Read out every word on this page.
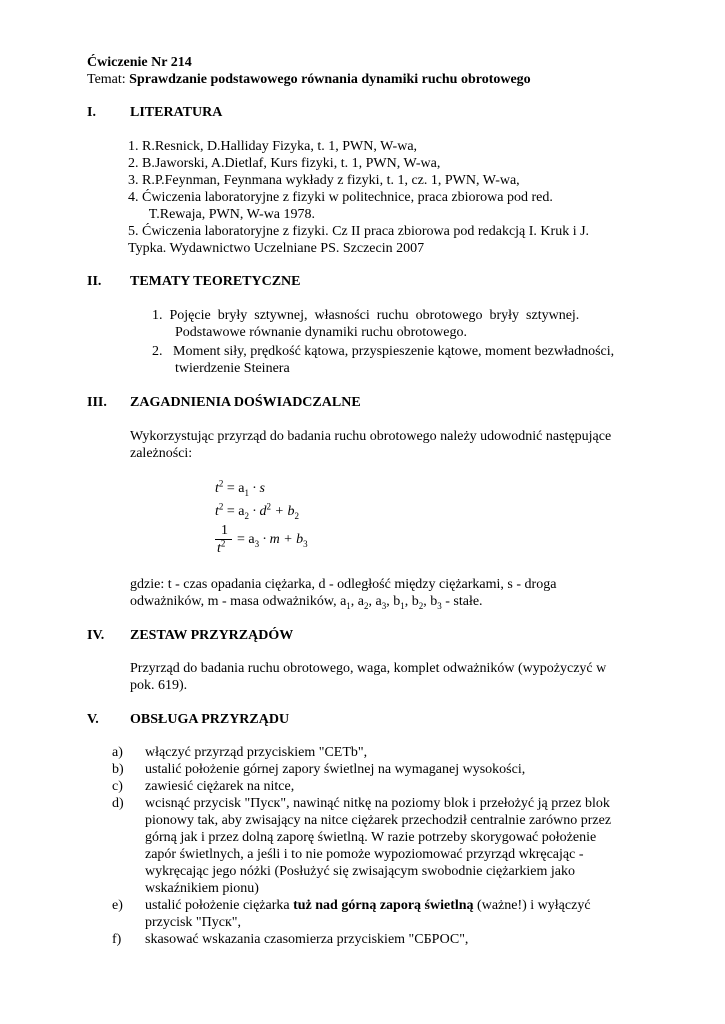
Ćwiczenie Nr 214
Temat: Sprawdzanie podstawowego równania dynamiki ruchu obrotowego
I. LITERATURA
1. R.Resnick, D.Halliday Fizyka, t. 1, PWN, W-wa,
2. B.Jaworski, A.Dietlaf, Kurs fizyki, t. 1, PWN, W-wa,
3. R.P.Feynman, Feynmana wykłady z fizyki, t. 1, cz. 1, PWN, W-wa,
4. Ćwiczenia laboratoryjne z fizyki w politechnice, praca zbiorowa pod red.
T.Rewaja, PWN, W-wa 1978.
5. Ćwiczenia laboratoryjne z fizyki. Cz II praca zbiorowa pod redakcją I. Kruk i J.
Typka. Wydawnictwo Uczelniane PS. Szczecin 2007
II. TEMATY TEORETYCZNE
1.  Pojęcie  bryły  sztywnej,  własności  ruchu  obrotowego  bryły  sztywnej.
Podstawowe równanie dynamiki ruchu obrotowego.
2.   Moment siły, prędkość kątowa, przyspieszenie kątowe, moment bezwładności,
twierdzenie Steinera
III. ZAGADNIENIA DOŚWIADCZALNE
Wykorzystując przyrząd do badania ruchu obrotowego należy udowodnić następujące
zależności:
$t^2 = a_1 \cdot s$
$t^2 = a_2 \cdot d^2 + b_2$
1
$t^2 = a_3 \cdot m + b_3$
gdzie: t - czas opadania ciężarka, d - odległość między ciężarkami, s - droga
odważników, m - masa odważników, $a_1$, $a_2$, $a_3$, $b_1$, $b_2$, $b_3$ - stałe.
IV. ZESTAW PRZYRZĄDÓW
Przyrząd do badania ruchu obrotowego, waga, komplet odważników (wypożyczyć w
pok. 619).
V. OBSŁUGA PRZYRZĄDU
a) włączyć przyrząd przyciskiem "CETb",
b) ustalić położenie górnej zapory świetlnej na wymaganej wysokości,
c) zawiesić ciężarek na nitce,
d) wcisnąć przycisk "Пуск", nawinąć nitkę na poziomy blok i przełożyć ją przez blok
pionowy tak, aby zwisający na nitce ciężarek przechodził centralnie zarówno przez
górną jak i przez dolną zaporę świetlną. W razie potrzeby skorygować położenie
zapór świetlnych, a jeśli i to nie pomoże wypoziomować przyrząd wkręcając -
wykręcając jego nóżki (Posłużyć się zwisającym swobodnie ciężarkiem jako
wskaźnikiem pionu)
e) ustalić położenie ciężarka tuż nad górną zaporą świetlną (ważne!) i wyłączyć
przycisk "Пуск",
f) skasować wskazania czasomierza przyciskiem "СБРОС",
